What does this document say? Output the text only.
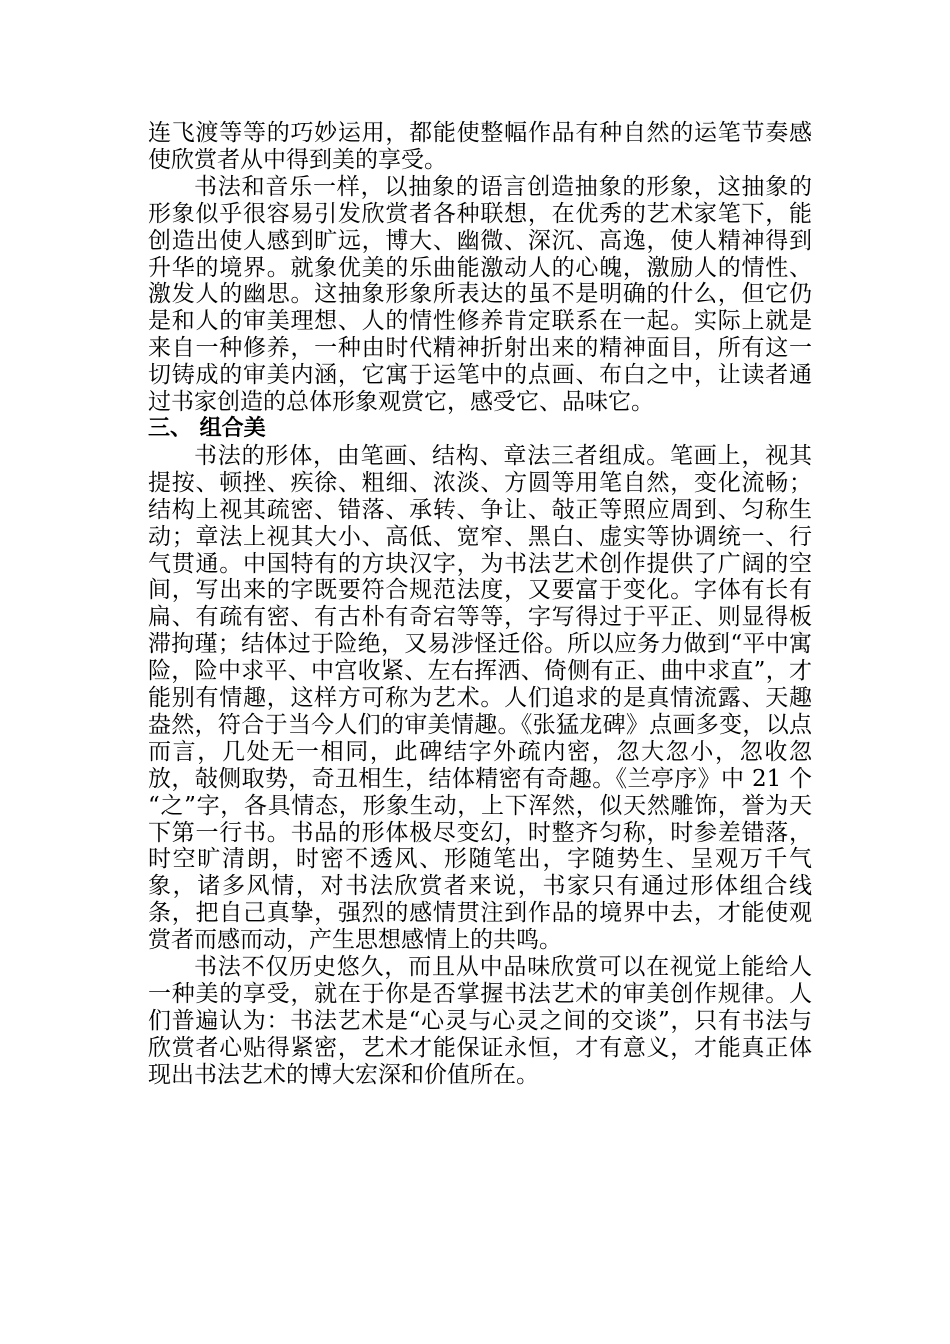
连飞渡等等的巧妙运用，都能使整幅作品有种自然的运笔节奏感使欣赏者从中得到美的享受。

书法和音乐一样，以抽象的语言创造抽象的形象，这抽象的形象似乎很容易引发欣赏者各种联想，在优秀的艺术家笔下，能创造出使人感到旷远，博大、幽微、深沉、高逸，使人精神得到升华的境界。就象优美的乐曲能激动人的心魄，激励人的情性、激发人的幽思。这抽象形象所表达的虽不是明确的什么，但它仍是和人的审美理想、人的情性修养肯定联系在一起。实际上就是来自一种修养，一种由时代精神折射出来的精神面目，所有这一切铸成的审美内涵，它寓于运笔中的点画、布白之中，让读者通过书家创造的总体形象观赏它，感受它、品味它。

三、 组合美

书法的形体，由笔画、结构、章法三者组成。笔画上，视其提按、顿挫、疾徐、粗细、浓淡、方圆等用笔自然，变化流畅；结构上视其疏密、错落、承转、争让、敧正等照应周到、匀称生动；章法上视其大小、高低、宽窄、黑白、虚实等协调统一、行气贯通。中国特有的方块汉字，为书法艺术创作提供了广阔的空间，写出来的字既要符合规范法度，又要富于变化。字体有长有扁、有疏有密、有古朴有奇宕等等，字写得过于平正、则显得板滞拘瑾；结体过于险绝，又易涉怪迁俗。所以应务力做到“平中寓险，险中求平、中宫收紧、左右挥洒、倚侧有正、曲中求直”，才能别有情趣，这样方可称为艺术。人们追求的是真情流露、天趣盎然，符合于当今人们的审美情趣。《张猛龙碑》点画多变，以点而言，几处无一相同，此碑结字外疏内密，忽大忽小，忽收忽放，敧侧取势，奇丑相生，结体精密有奇趣。《兰亭序》中 21 个 “之”字，各具情态，形象生动，上下浑然，似天然雕饰，誉为天下第一行书。书品的形体极尽变幻，时整齐匀称，时参差错落，时空旷清朗，时密不透风、形随笔出，字随势生、呈观万千气象，诸多风情，对书法欣赏者来说，书家只有通过形体组合线条，把自己真挚，强烈的感情贯注到作品的境界中去，才能使观赏者而感而动，产生思想感情上的共鸣。

书法不仅历史悠久，而且从中品味欣赏可以在视觉上能给人一种美的享受，就在于你是否掌握书法艺术的审美创作规律。人们普遍认为：书法艺术是“心灵与心灵之间的交谈”，只有书法与欣赏者心贴得紧密，艺术才能保证永恒，才有意义，才能真正体现出书法艺术的博大宏深和价值所在。
